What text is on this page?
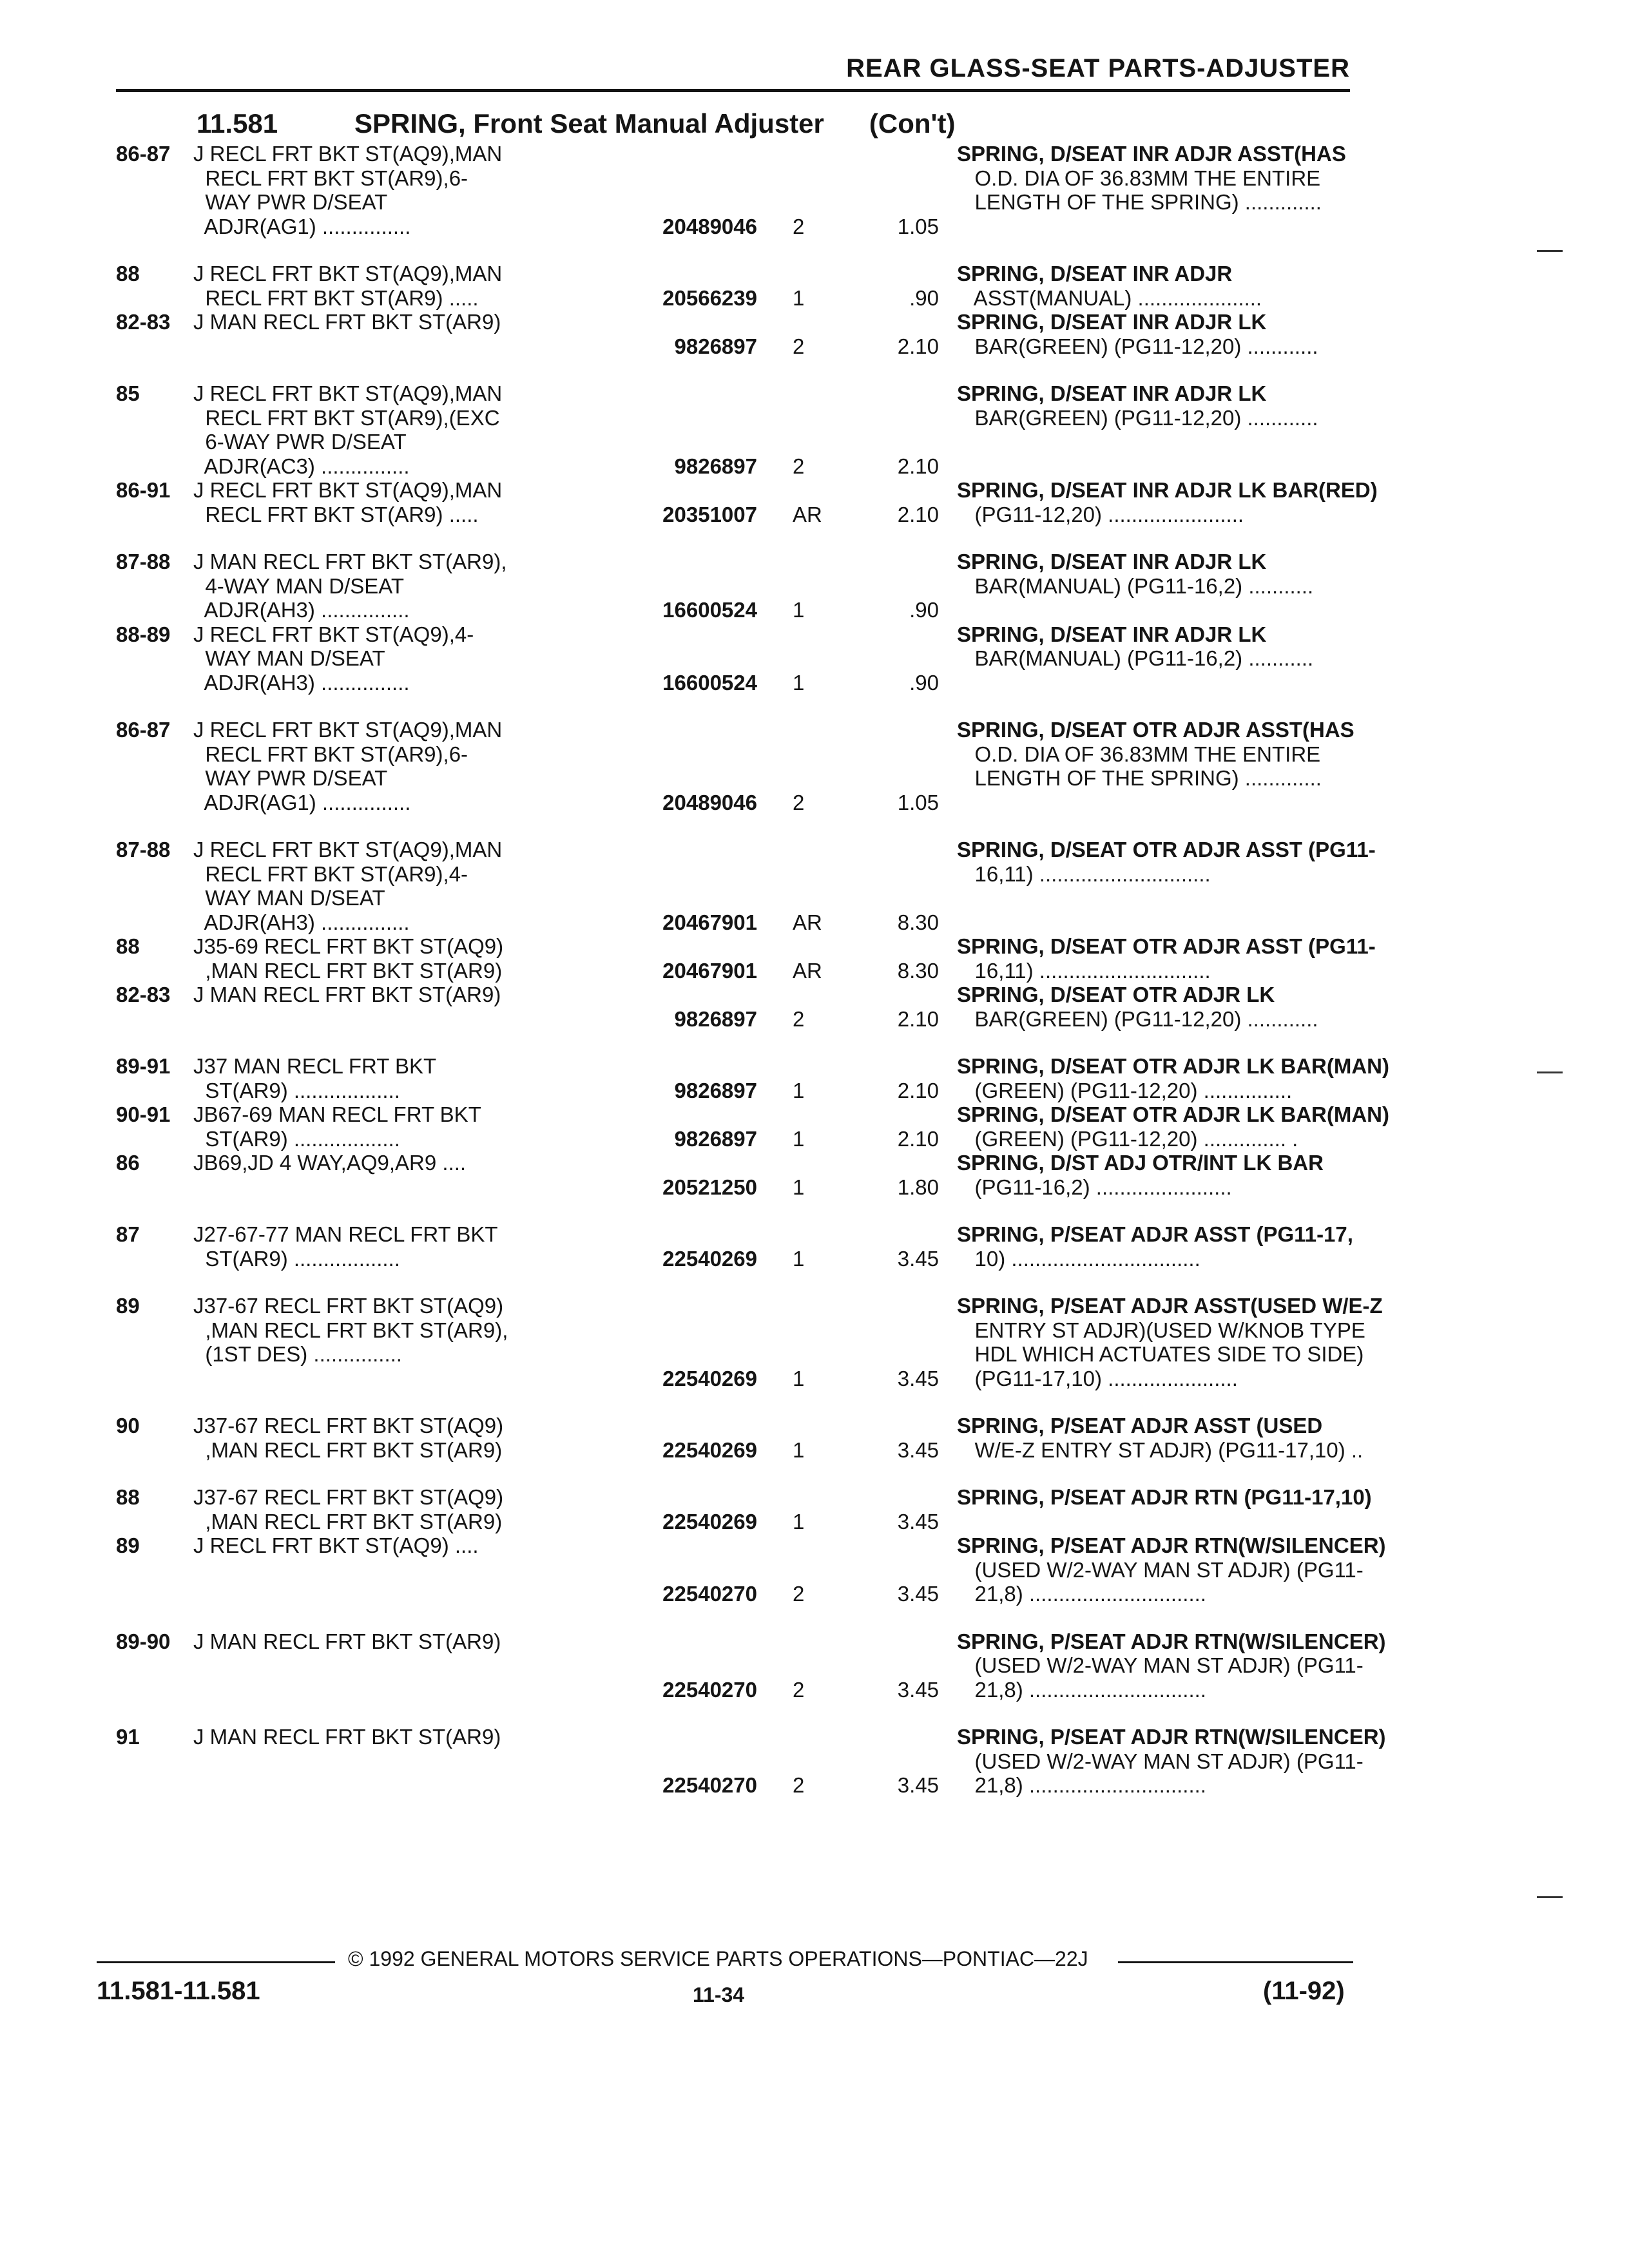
REAR GLASS-SEAT PARTS-ADJUSTER
11.581	SPRING, Front Seat Manual Adjuster (Con't)
86-87	J RECL FRT BKT ST(AQ9),MAN
RECL FRT BKT ST(AR9),6-
WAY PWR D/SEAT
ADJR(AG1) ...............	20489046	2	1.05
SPRING, D/SEAT INR ADJR ASST(HAS
O.D. DIA OF 36.83MM THE ENTIRE
LENGTH OF THE SPRING) .............
88	J RECL FRT BKT ST(AQ9),MAN
RECL FRT BKT ST(AR9) .....	20566239	1	.90
SPRING, D/SEAT INR ADJR
ASST(MANUAL) .....................
82-83	J MAN RECL FRT BKT ST(AR9)
9826897	2	2.10
SPRING, D/SEAT INR ADJR LK
BAR(GREEN) (PG11-12,20) ............
85	J RECL FRT BKT ST(AQ9),MAN
RECL FRT BKT ST(AR9),(EXC
6-WAY PWR D/SEAT
ADJR(AC3) ...............	9826897	2	2.10
SPRING, D/SEAT INR ADJR LK
BAR(GREEN) (PG11-12,20) ............
86-91	J RECL FRT BKT ST(AQ9),MAN
RECL FRT BKT ST(AR9) .....	20351007	AR	2.10
SPRING, D/SEAT INR ADJR LK BAR(RED)
(PG11-12,20) .......................
87-88	J MAN RECL FRT BKT ST(AR9),
4-WAY MAN D/SEAT
ADJR(AH3) ...............	16600524	1	.90
SPRING, D/SEAT INR ADJR LK
BAR(MANUAL) (PG11-16,2) ...........
88-89	J RECL FRT BKT ST(AQ9),4-
WAY MAN D/SEAT
ADJR(AH3) ...............	16600524	1	.90
SPRING, D/SEAT INR ADJR LK
BAR(MANUAL) (PG11-16,2) ...........
86-87	J RECL FRT BKT ST(AQ9),MAN
RECL FRT BKT ST(AR9),6-
WAY PWR D/SEAT
ADJR(AG1) ...............	20489046	2	1.05
SPRING, D/SEAT OTR ADJR ASST(HAS
O.D. DIA OF 36.83MM THE ENTIRE
LENGTH OF THE SPRING) .............
87-88	J RECL FRT BKT ST(AQ9),MAN
RECL FRT BKT ST(AR9),4-
WAY MAN D/SEAT
ADJR(AH3) ...............	20467901	AR	8.30
SPRING, D/SEAT OTR ADJR ASST (PG11-
16,11) .............................
88	J35-69 RECL FRT BKT ST(AQ9)
,MAN RECL FRT BKT ST(AR9)	20467901	AR	8.30
SPRING, D/SEAT OTR ADJR ASST (PG11-
16,11) .............................
82-83	J MAN RECL FRT BKT ST(AR9)
9826897	2	2.10
SPRING, D/SEAT OTR ADJR LK
BAR(GREEN) (PG11-12,20) ............
89-91	J37 MAN RECL FRT BKT
ST(AR9) ..................	9826897	1	2.10
SPRING, D/SEAT OTR ADJR LK BAR(MAN)
(GREEN) (PG11-12,20) ...............
90-91	JB67-69 MAN RECL FRT BKT
ST(AR9) ..................	9826897	1	2.10
SPRING, D/SEAT OTR ADJR LK BAR(MAN)
(GREEN) (PG11-12,20) .............. .
86	JB69,JD 4 WAY,AQ9,AR9 ....
20521250	1	1.80
SPRING, D/ST ADJ OTR/INT LK BAR
(PG11-16,2) .......................
87	J27-67-77 MAN RECL FRT BKT
ST(AR9) ..................	22540269	1	3.45
SPRING, P/SEAT ADJR ASST (PG11-17,
10) ................................
89	J37-67 RECL FRT BKT ST(AQ9)
,MAN RECL FRT BKT ST(AR9),
(1ST DES) ...............
22540269	1	3.45
SPRING, P/SEAT ADJR ASST(USED W/E-Z
ENTRY ST ADJR)(USED W/KNOB TYPE
HDL WHICH ACTUATES SIDE TO SIDE)
(PG11-17,10) ......................
90	J37-67 RECL FRT BKT ST(AQ9)
,MAN RECL FRT BKT ST(AR9)	22540269	1	3.45
SPRING, P/SEAT ADJR ASST (USED
W/E-Z ENTRY ST ADJR) (PG11-17,10) ..
88	J37-67 RECL FRT BKT ST(AQ9)
,MAN RECL FRT BKT ST(AR9)	22540269	1	3.45
SPRING, P/SEAT ADJR RTN (PG11-17,10)
89	J RECL FRT BKT ST(AQ9) ....
22540270	2	3.45
SPRING, P/SEAT ADJR RTN(W/SILENCER)
(USED W/2-WAY MAN ST ADJR) (PG11-
21,8) ..............................
89-90	J MAN RECL FRT BKT ST(AR9)
22540270	2	3.45
SPRING, P/SEAT ADJR RTN(W/SILENCER)
(USED W/2-WAY MAN ST ADJR) (PG11-
21,8) ..............................
91	J MAN RECL FRT BKT ST(AR9)
22540270	2	3.45
SPRING, P/SEAT ADJR RTN(W/SILENCER)
(USED W/2-WAY MAN ST ADJR) (PG11-
21,8) ..............................
© 1992 GENERAL MOTORS SERVICE PARTS OPERATIONS—PONTIAC—22J
11.581-11.581	11-34	(11-92)
